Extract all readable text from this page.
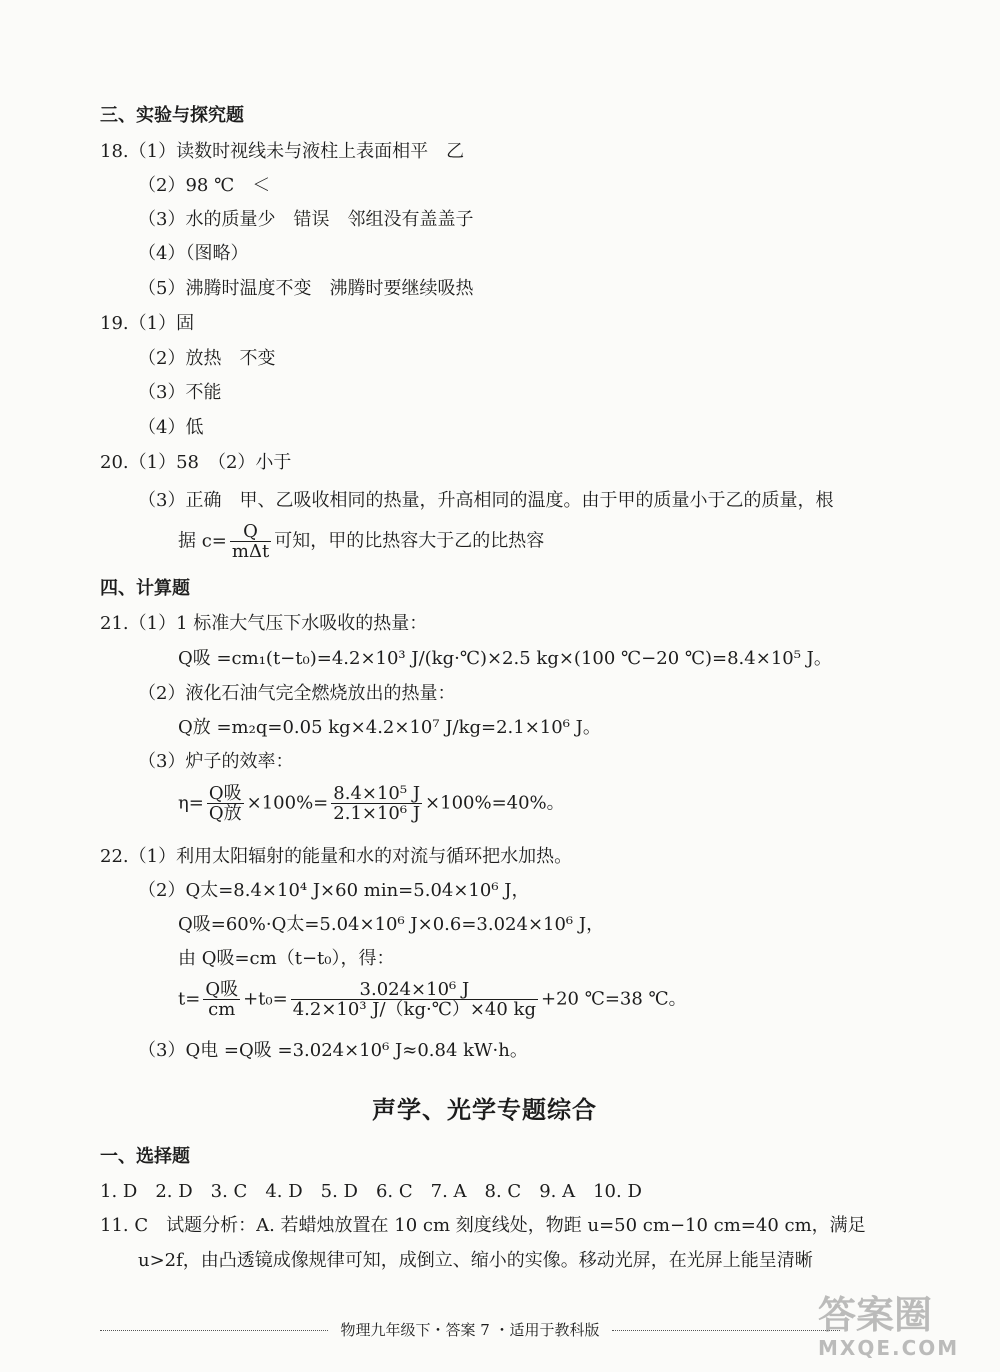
三、实验与探究题
18.（1）读数时视线未与液柱上表面相平　乙
（2）98 ℃　＜
（3）水的质量少　错误　邻组没有盖盖子
（4）（图略）
（5）沸腾时温度不变　沸腾时要继续吸热
19.（1）固
（2）放热　不变
（3）不能
（4）低
20.（1）58　（2）小于
（3）正确　甲、乙吸收相同的热量，升高相同的温度。由于甲的质量小于乙的质量，根
据 $c= \frac{Q}{\text{mΔt}}$ 可知，甲的比热容大于乙的比热容
四、计算题
21.（1）1 标准大气压下水吸收的热量：
Q吸 =cm₁(t−t₀)=4.2×10³ J/(kg·℃)×2.5 kg×(100 ℃−20 ℃)=8.4×10⁵ J。
（2）液化石油气完全燃烧放出的热量：
Q放 =m₂q=0.05 kg×4.2×10⁷ J/kg=2.1×10⁶ J。
（3）炉子的效率：
$\eta= \frac{\text{Q吸}}{\text{Q放}} \times 100\%= \frac{\text{8.4×10⁵ J}}{\text{2.1×10⁶ J}} \times 100\%=40\%$。
22.（1）利用太阳辐射的能量和水的对流与循环把水加热。
（2）Q太=8.4×10⁴ J×60 min=5.04×10⁶ J，
Q吸=60%·Q太=5.04×10⁶ J×0.6=3.024×10⁶ J，
由 Q吸=cm（t−t₀），得：
$t= \frac{\text{Q吸}}{cm} +t_0= \frac{\text{3.024×10⁶ J}}{\text{4.2×10³ J/（kg·℃）×40 kg}} +20$ ℃=38 ℃。
（3）Q电 =Q吸 =3.024×10⁶ J≈0.84 kW·h。
声学、光学专题综合
一、选择题
1. D　2. D　3. C　4. D　5. D　6. C　7. A　8. C　9. A　10. D
11. C　试题分析：A. 若蜡烛放置在 10 cm 刻度线处，物距 u=50 cm−10 cm=40 cm，满足
u>2f，由凸透镜成像规律可知，成倒立、缩小的实像。移动光屏，在光屏上能呈清晰
物理九年级下・答案 7 ・适用于教科版	答案圈
MXQE.COM
